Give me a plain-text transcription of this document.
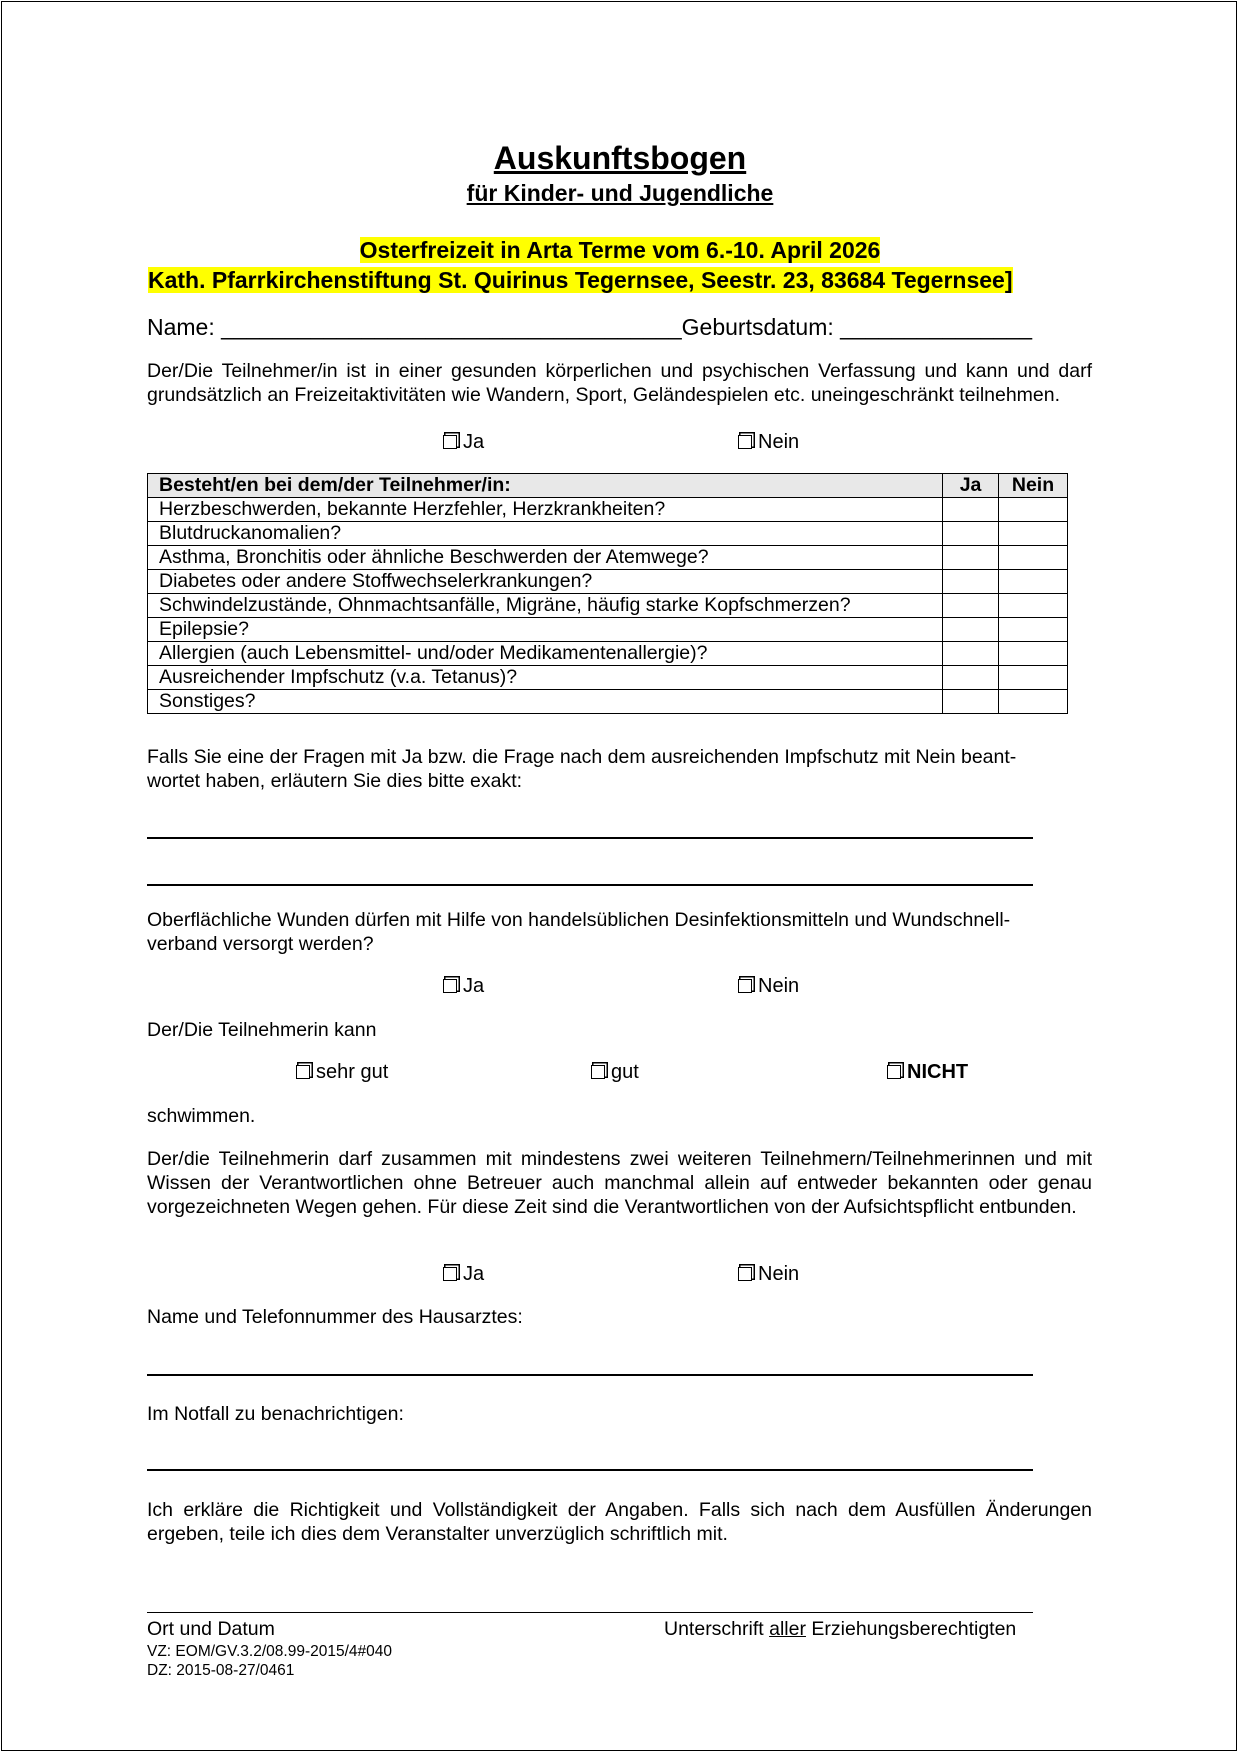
Auskunftsbogen
für Kinder- und Jugendliche
Osterfreizeit in Arta Terme vom 6.-10. April 2026
Kath. Pfarrkirchenstiftung St. Quirinus Tegernsee, Seestr. 23, 83684 Tegernsee]
Name: ____________________________________Geburtsdatum: _______________
Der/Die Teilnehmer/in ist in einer gesunden körperlichen und psychischen Verfassung und kann und darf grundsätzlich an Freizeitaktivitäten wie Wandern, Sport, Geländespielen etc. uneingeschränkt teilnehmen.
Ja	Nein
Besteht/en bei dem/der Teilnehmer/in:	Ja	Nein
Herzbeschwerden, bekannte Herzfehler, Herzkrankheiten?		
Blutdruckanomalien?		
Asthma, Bronchitis oder ähnliche Beschwerden der Atemwege?		
Diabetes oder andere Stoffwechselerkrankungen?		
Schwindelzustände, Ohnmachtsanfälle, Migräne, häufig starke Kopfschmerzen?		
Epilepsie?		
Allergien (auch Lebensmittel- und/oder Medikamentenallergie)?		
Ausreichender Impfschutz (v.a. Tetanus)?		
Sonstiges?		
Falls Sie eine der Fragen mit Ja bzw. die Frage nach dem ausreichenden Impfschutz mit Nein beant-
wortet haben, erläutern Sie dies bitte exakt:
Oberflächliche Wunden dürfen mit Hilfe von handelsüblichen Desinfektionsmitteln und Wundschnell-
verband versorgt werden?
Ja	Nein
Der/Die Teilnehmerin kann
sehr gut	gut	NICHT
schwimmen.
Der/die Teilnehmerin darf zusammen mit mindestens zwei weiteren Teilnehmern/Teilnehmerinnen und mit Wissen der Verantwortlichen ohne Betreuer auch manchmal allein auf entweder bekannten oder genau vorgezeichneten Wegen gehen. Für diese Zeit sind die Verantwortlichen von der Aufsichtspflicht entbunden.
Ja	Nein
Name und Telefonnummer des Hausarztes:
Im Notfall zu benachrichtigen:
Ich erkläre die Richtigkeit und Vollständigkeit der Angaben. Falls sich nach dem Ausfüllen Änderungen ergeben, teile ich dies dem Veranstalter unverzüglich schriftlich mit.
Ort und Datum	Unterschrift aller Erziehungsberechtigten
VZ: EOM/GV.3.2/08.99-2015/4#040
DZ: 2015-08-27/0461
